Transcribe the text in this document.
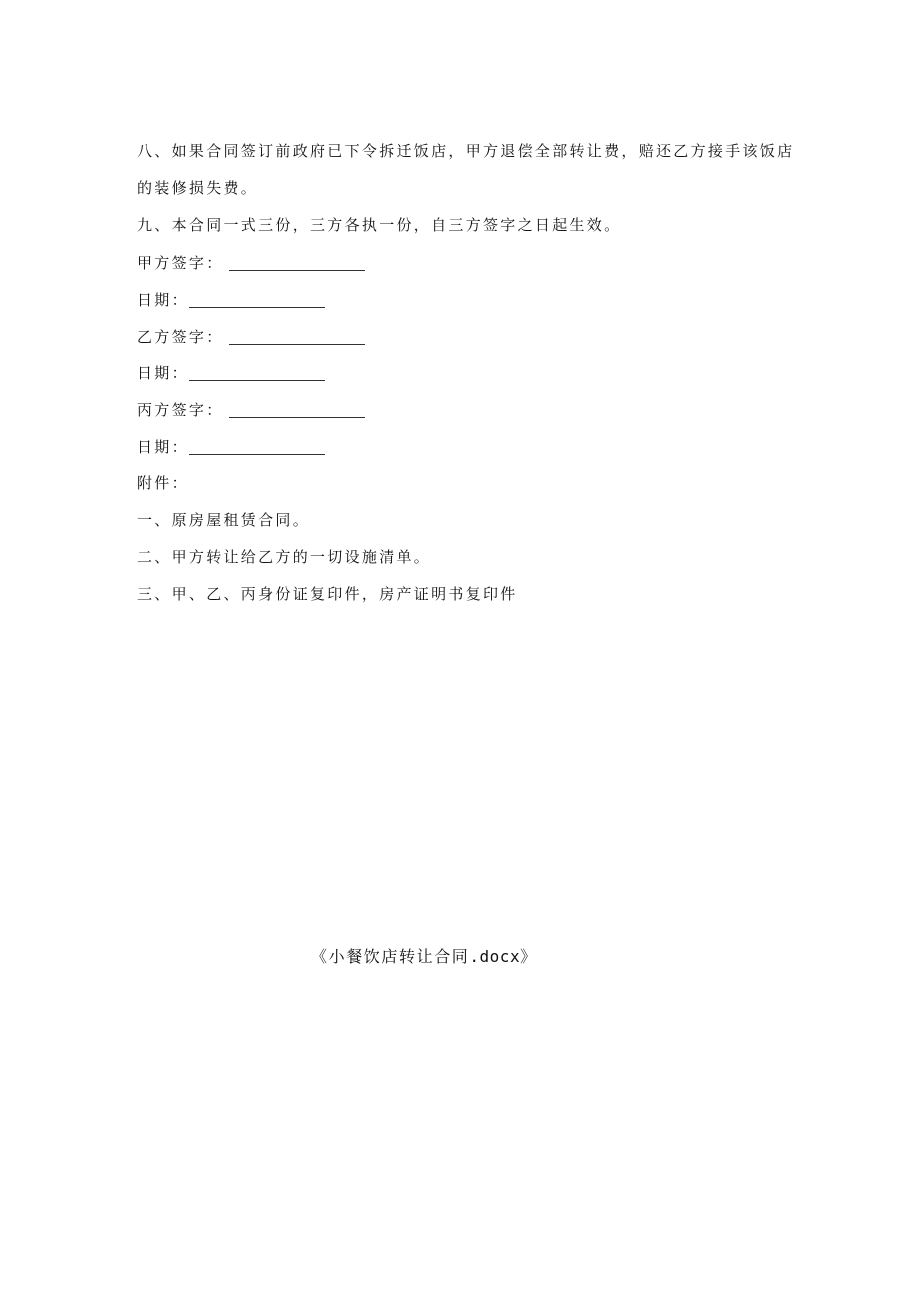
八、如果合同签订前政府已下令拆迁饭店，甲方退偿全部转让费，赔还乙方接手该饭店
的装修损失费。
九、本合同一式三份，三方各执一份，自三方签字之日起生效。
甲方签字：
日期：
乙方签字：
日期：
丙方签字：
日期：
附件：
一、原房屋租赁合同。
二、甲方转让给乙方的一切设施清单。
三、甲、乙、丙身份证复印件，房产证明书复印件
《小餐饮店转让合同.docx》
